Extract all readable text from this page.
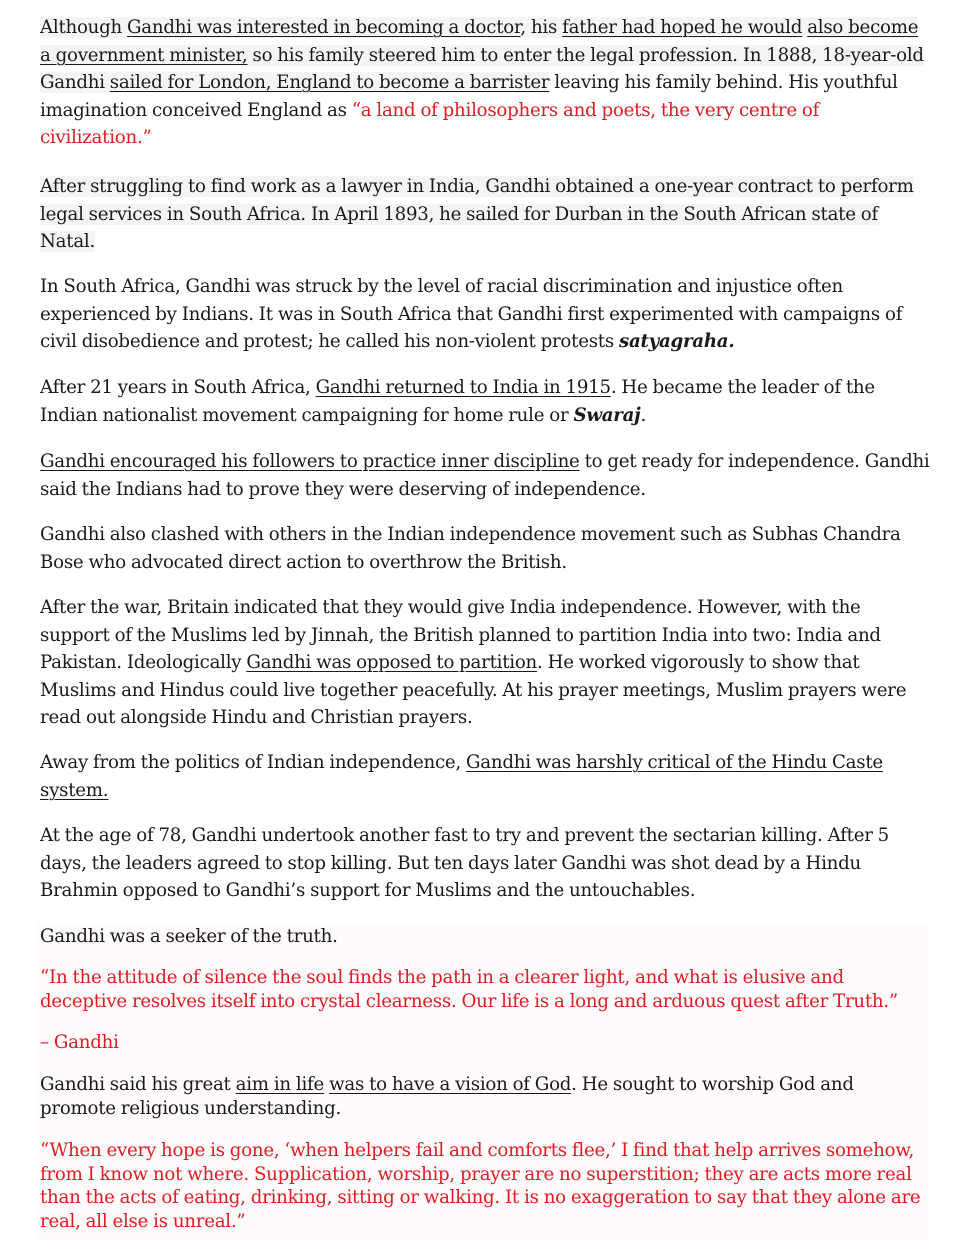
Although Gandhi was interested in becoming a doctor, his father had hoped he would also become a government minister, so his family steered him to enter the legal profession. In 1888, 18-year-old Gandhi sailed for London, England to become a barrister leaving his family behind. His youthful imagination conceived England as “a land of philosophers and poets, the very centre of civilization.”

After struggling to find work as a lawyer in India, Gandhi obtained a one-year contract to perform legal services in South Africa. In April 1893, he sailed for Durban in the South African state of Natal.

In South Africa, Gandhi was struck by the level of racial discrimination and injustice often experienced by Indians. It was in South Africa that Gandhi first experimented with campaigns of civil disobedience and protest; he called his non-violent protests satyagraha.

After 21 years in South Africa, Gandhi returned to India in 1915. He became the leader of the Indian nationalist movement campaigning for home rule or Swaraj.

Gandhi encouraged his followers to practice inner discipline to get ready for independence. Gandhi said the Indians had to prove they were deserving of independence.

Gandhi also clashed with others in the Indian independence movement such as Subhas Chandra Bose who advocated direct action to overthrow the British.

After the war, Britain indicated that they would give India independence. However, with the support of the Muslims led by Jinnah, the British planned to partition India into two: India and Pakistan. Ideologically Gandhi was opposed to partition. He worked vigorously to show that Muslims and Hindus could live together peacefully. At his prayer meetings, Muslim prayers were read out alongside Hindu and Christian prayers.

Away from the politics of Indian independence, Gandhi was harshly critical of the Hindu Caste system.

At the age of 78, Gandhi undertook another fast to try and prevent the sectarian killing. After 5 days, the leaders agreed to stop killing. But ten days later Gandhi was shot dead by a Hindu Brahmin opposed to Gandhi’s support for Muslims and the untouchables.

Gandhi was a seeker of the truth.

“In the attitude of silence the soul finds the path in a clearer light, and what is elusive and deceptive resolves itself into crystal clearness. Our life is a long and arduous quest after Truth.”

– Gandhi

Gandhi said his great aim in life was to have a vision of God. He sought to worship God and promote religious understanding.

“When every hope is gone, ‘when helpers fail and comforts flee,’ I find that help arrives somehow, from I know not where. Supplication, worship, prayer are no superstition; they are acts more real than the acts of eating, drinking, sitting or walking. It is no exaggeration to say that they alone are real, all else is unreal.”
